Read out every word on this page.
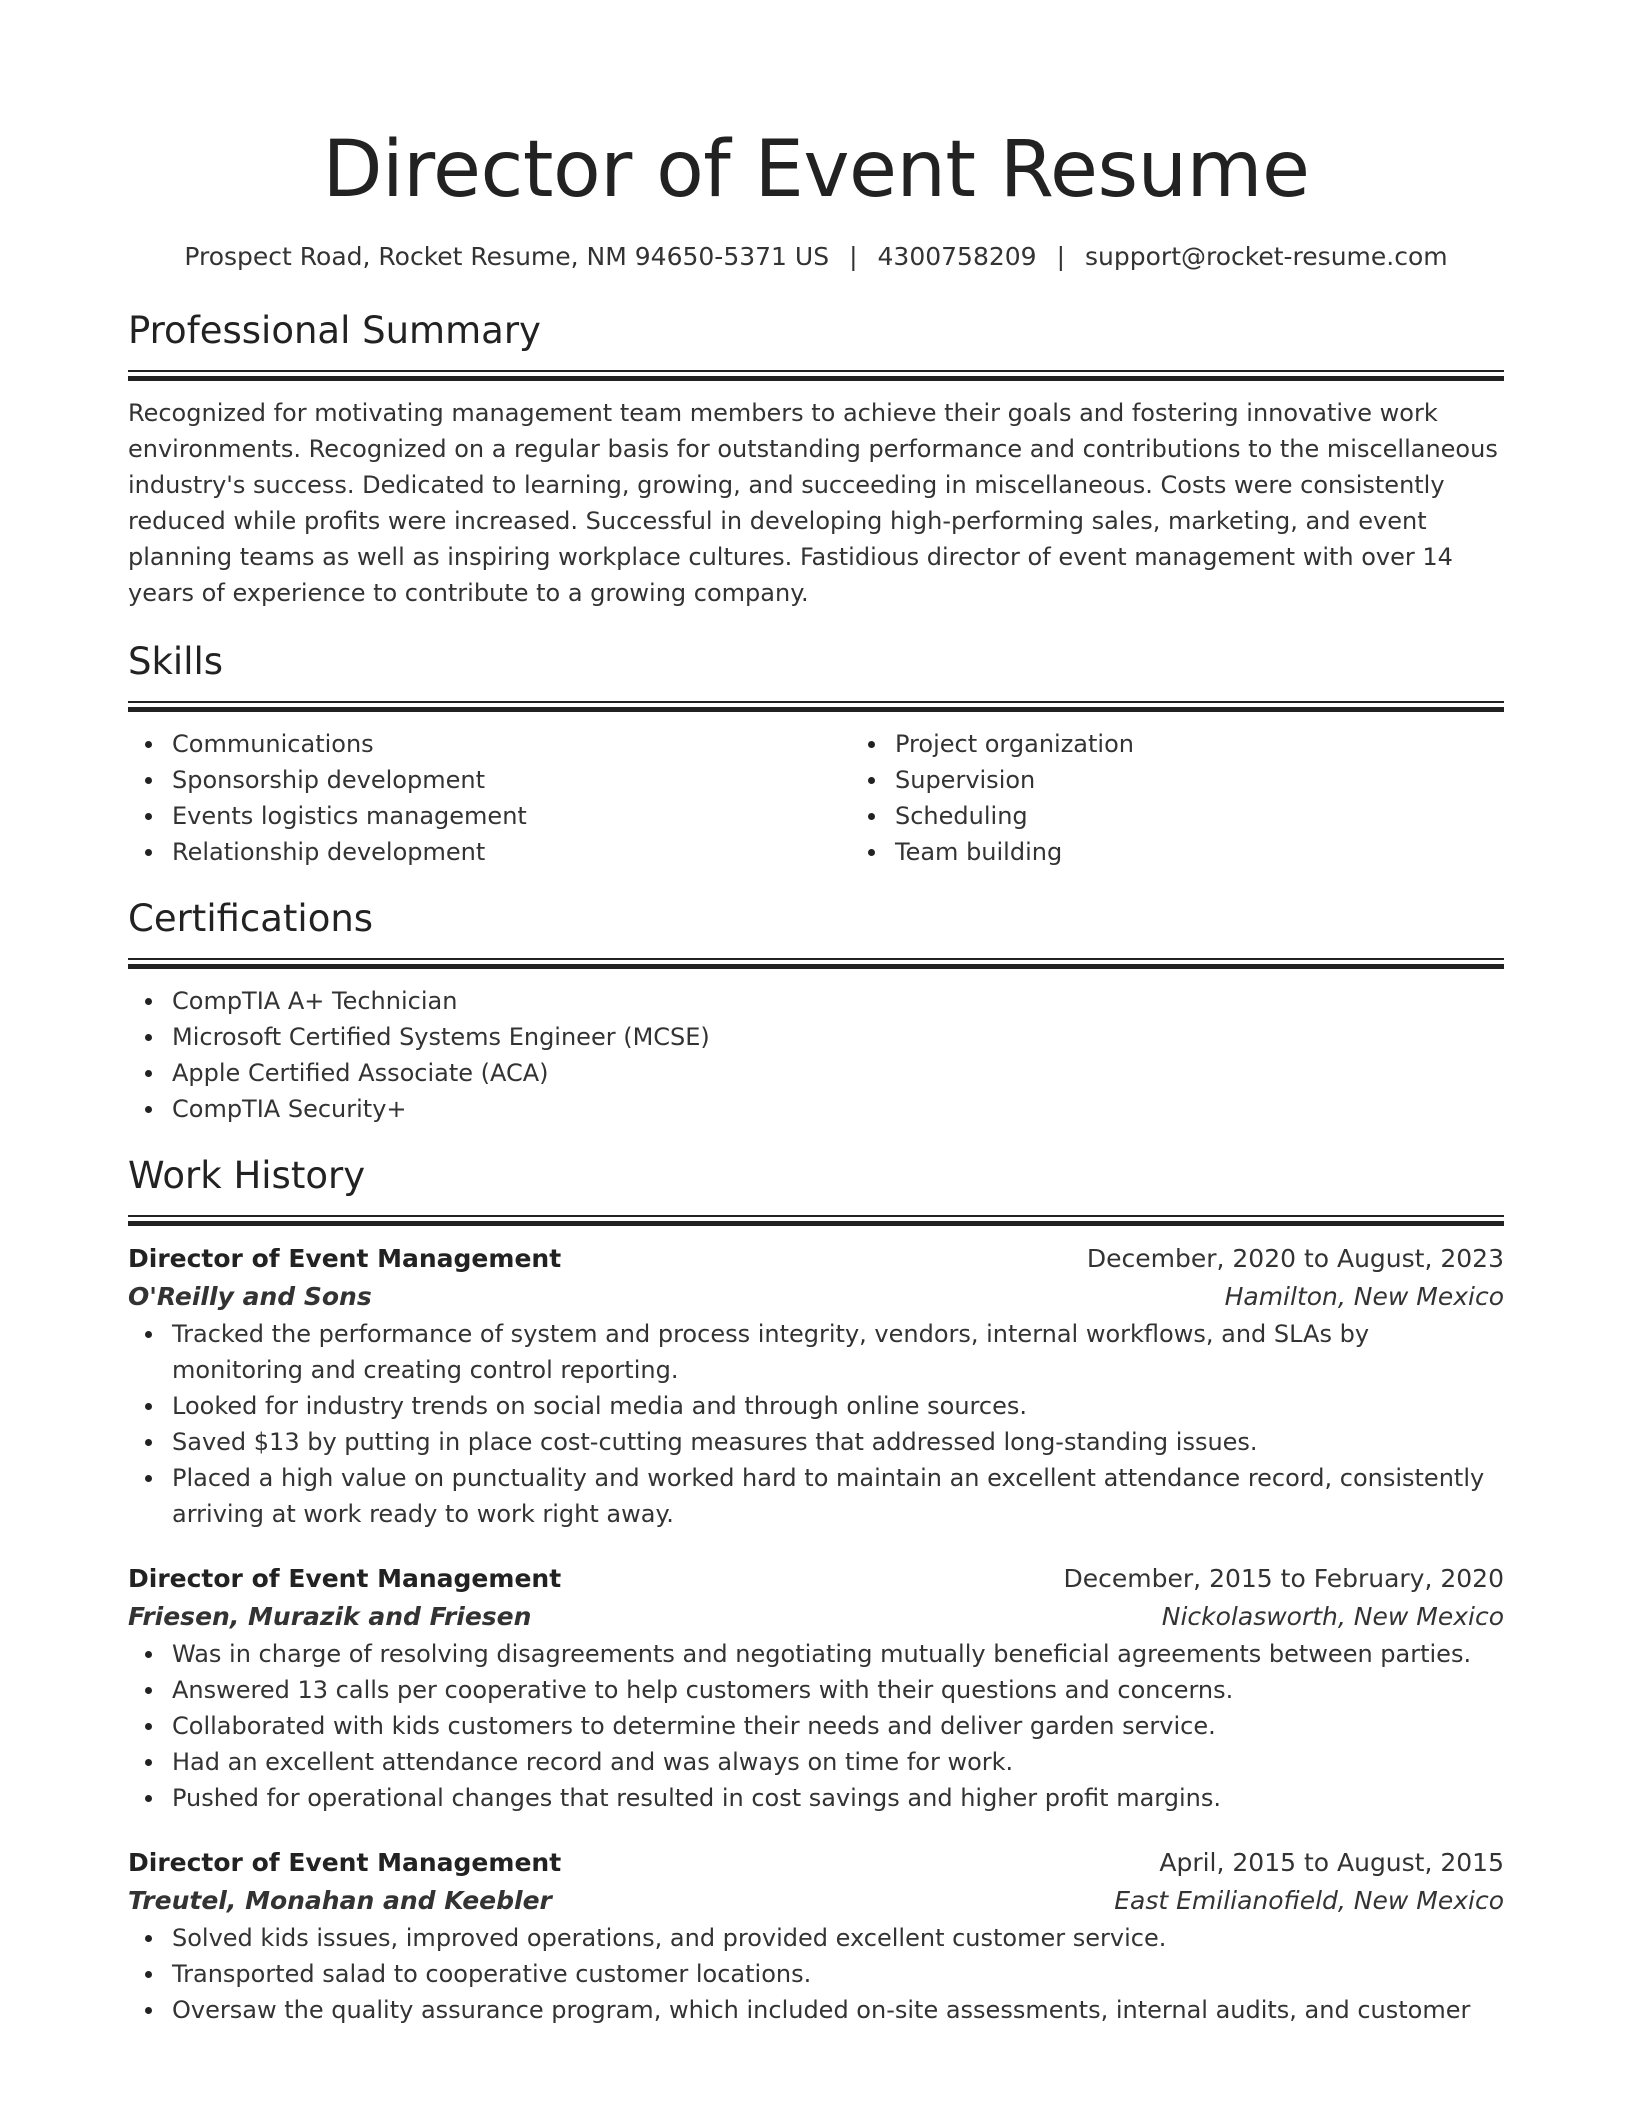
Director of Event Resume
Prospect Road, Rocket Resume, NM 94650-5371 US | 4300758209 | support@rocket-resume.com
Professional Summary
Recognized for motivating management team members to achieve their goals and fostering innovative work environments. Recognized on a regular basis for outstanding performance and contributions to the miscellaneous industry's success. Dedicated to learning, growing, and succeeding in miscellaneous. Costs were consistently reduced while profits were increased. Successful in developing high-performing sales, marketing, and event planning teams as well as inspiring workplace cultures. Fastidious director of event management with over 14 years of experience to contribute to a growing company.
Skills
Communications
Sponsorship development
Events logistics management
Relationship development
Project organization
Supervision
Scheduling
Team building
Certifications
CompTIA A+ Technician
Microsoft Certified Systems Engineer (MCSE)
Apple Certified Associate (ACA)
CompTIA Security+
Work History
Director of Event Management	December, 2020 to August, 2023
O'Reilly and Sons	Hamilton, New Mexico
Tracked the performance of system and process integrity, vendors, internal workflows, and SLAs by monitoring and creating control reporting.
Looked for industry trends on social media and through online sources.
Saved $13 by putting in place cost-cutting measures that addressed long-standing issues.
Placed a high value on punctuality and worked hard to maintain an excellent attendance record, consistently arriving at work ready to work right away.
Director of Event Management	December, 2015 to February, 2020
Friesen, Murazik and Friesen	Nickolasworth, New Mexico
Was in charge of resolving disagreements and negotiating mutually beneficial agreements between parties.
Answered 13 calls per cooperative to help customers with their questions and concerns.
Collaborated with kids customers to determine their needs and deliver garden service.
Had an excellent attendance record and was always on time for work.
Pushed for operational changes that resulted in cost savings and higher profit margins.
Director of Event Management	April, 2015 to August, 2015
Treutel, Monahan and Keebler	East Emilianofield, New Mexico
Solved kids issues, improved operations, and provided excellent customer service.
Transported salad to cooperative customer locations.
Oversaw the quality assurance program, which included on-site assessments, internal audits, and customer
